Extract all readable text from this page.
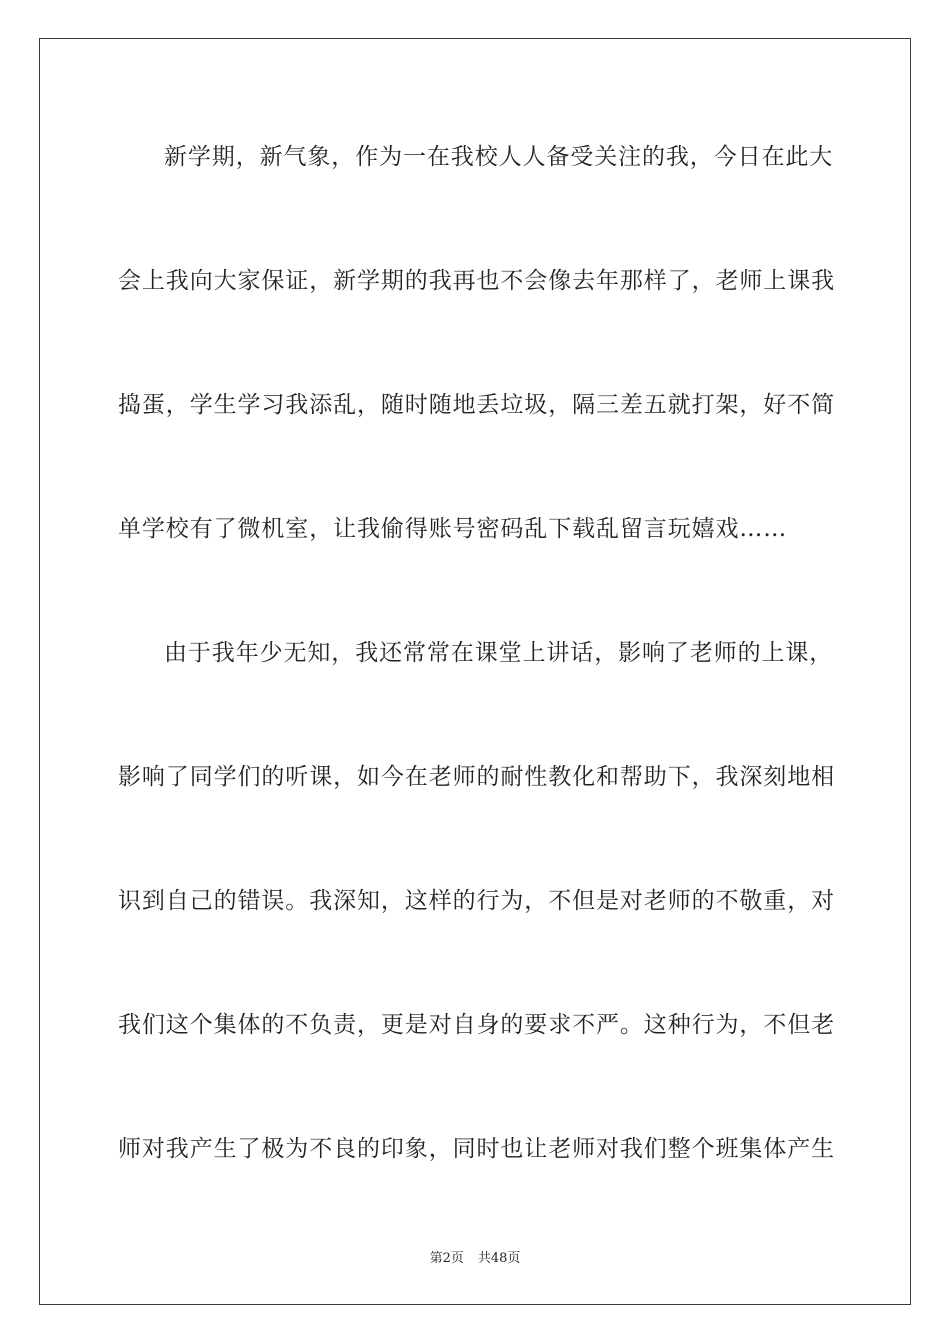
新学期，新气象，作为一在我校人人备受关注的我，今日在此大
会上我向大家保证，新学期的我再也不会像去年那样了，老师上课我
捣蛋，学生学习我添乱，随时随地丢垃圾，隔三差五就打架，好不简
单学校有了微机室，让我偷得账号密码乱下载乱留言玩嬉戏……
由于我年少无知，我还常常在课堂上讲话，影响了老师的上课，
影响了同学们的听课，如今在老师的耐性教化和帮助下，我深刻地相
识到自己的错误。我深知，这样的行为，不但是对老师的不敬重，对
我们这个集体的不负责，更是对自身的要求不严。这种行为，不但老
师对我产生了极为不良的印象，同时也让老师对我们整个班集体产生
第2页 共48页
